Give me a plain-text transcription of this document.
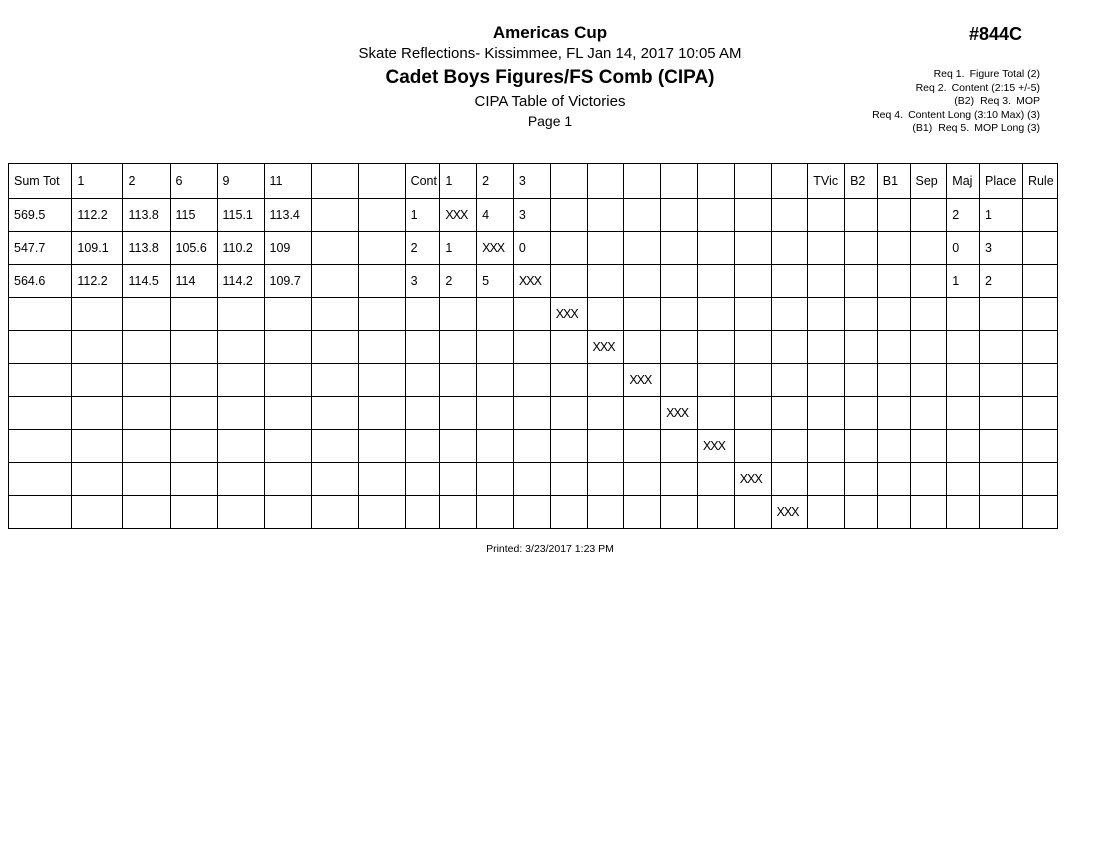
Americas Cup
Skate Reflections- Kissimmee, FL Jan 14, 2017 10:05 AM
Cadet Boys Figures/FS Comb (CIPA)
CIPA Table of Victories
Page 1
#844C
Req 1. Figure Total (2)
Req 2. Content (2:15 +/-5)
(B2) Req 3. MOP
Req 4. Content Long (3:10 Max) (3)
(B1) Req 5. MOP Long (3)
Sum Tot	1	2	6	9	11			Cont	1	2	3								TVic	B2	B1	Sep	Maj	Place	Rule
569.5	112.2	113.8	115	115.1	113.4			1	XXX	4	3												2	1	
547.7	109.1	113.8	105.6	110.2	109			2	1	XXX	0												0	3	
564.6	112.2	114.5	114	114.2	109.7			3	2	5	XXX												1	2	
												XXX													
													XXX												
														XXX											
															XXX										
																XXX									
																	XXX								
																		XXX							
Printed: 3/23/2017 1:23 PM
